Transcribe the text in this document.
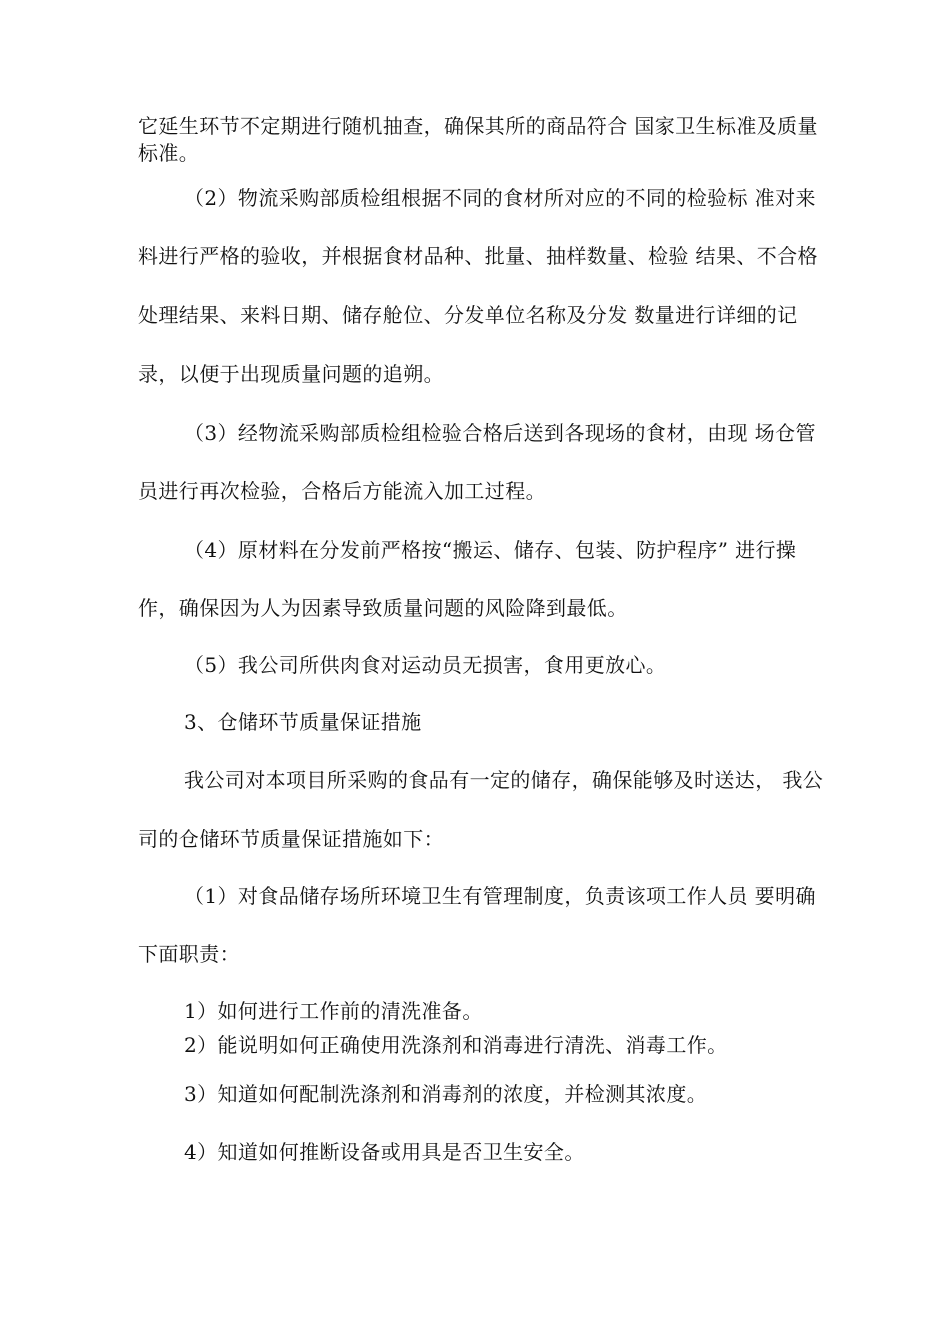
它延生环节不定期进行随机抽查，确保其所的商品符合 国家卫生标准及质量
标准。
（2）物流采购部质检组根据不同的食材所对应的不同的检验标 准对来
料进行严格的验收，并根据食材品种、批量、抽样数量、检验 结果、不合格
处理结果、来料日期、储存舱位、分发单位名称及分发 数量进行详细的记
录，以便于出现质量问题的追朔。
（3）经物流采购部质检组检验合格后送到各现场的食材，由现 场仓管
员进行再次检验，合格后方能流入加工过程。
（4）原材料在分发前严格按“搬运、储存、包装、防护程序” 进行操
作，确保因为人为因素导致质量问题的风险降到最低。
（5）我公司所供肉食对运动员无损害，食用更放心。
3、仓储环节质量保证措施
我公司对本项目所采购的食品有一定的储存，确保能够及时送达， 我公
司的仓储环节质量保证措施如下：
（1）对食品储存场所环境卫生有管理制度，负责该项工作人员 要明确
下面职责：
1）如何进行工作前的清洗准备。
2）能说明如何正确使用洗涤剂和消毒进行清洗、消毒工作。
3）知道如何配制洗涤剂和消毒剂的浓度，并检测其浓度。
4）知道如何推断设备或用具是否卫生安全。
